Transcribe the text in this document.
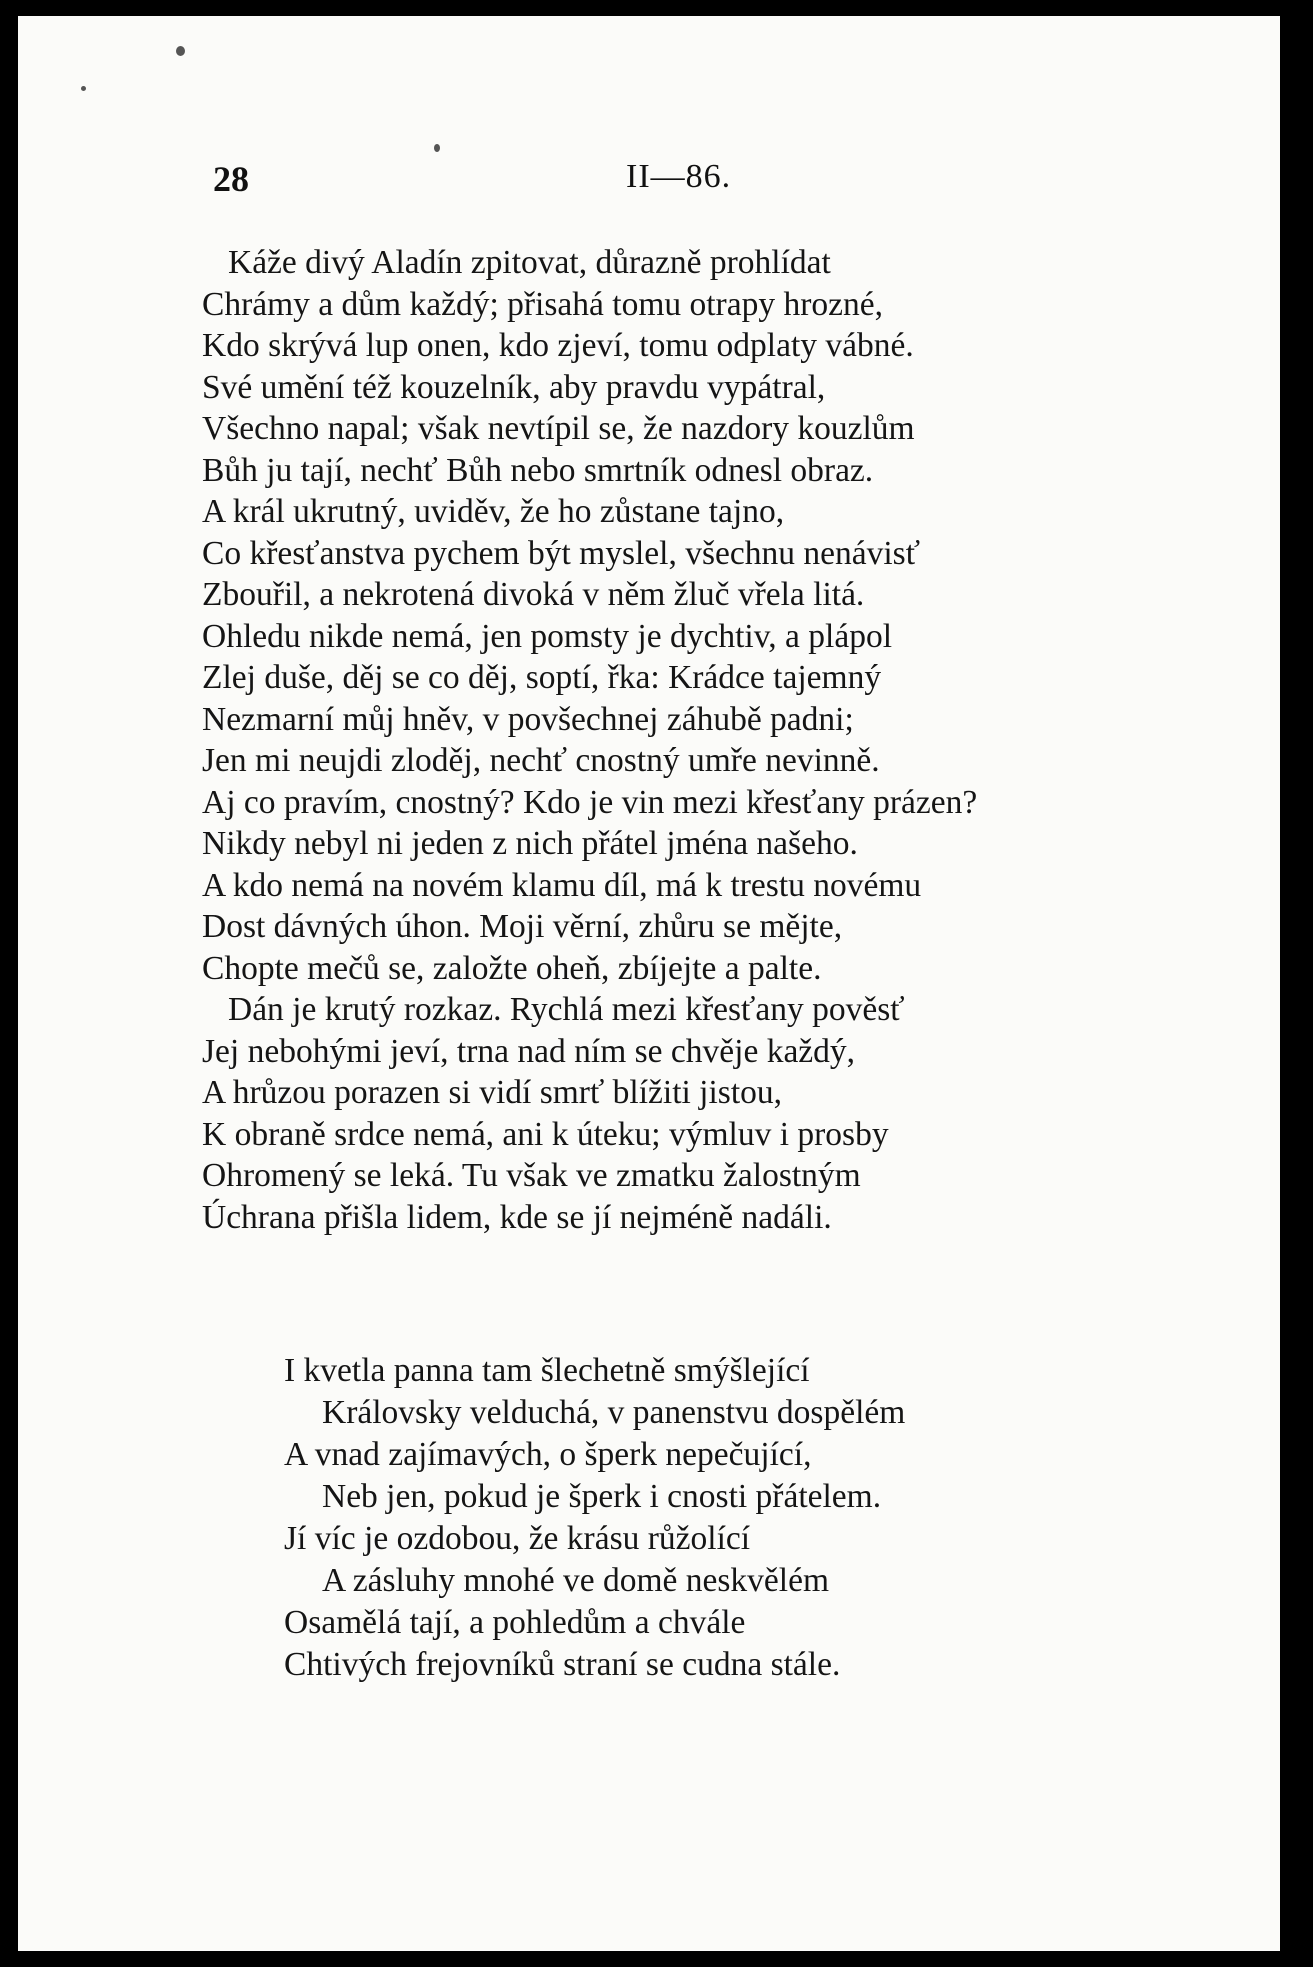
28	II—86.
Káže divý Aladín zpitovat, důrazně prohlídat
Chrámy a dům každý; přisahá tomu otrapy hrozné,
Kdo skrývá lup onen, kdo zjeví, tomu odplaty vábné.
Své umění též kouzelník, aby pravdu vypátral,
Všechno napal; však nevtípil se, že nazdory kouzlům
Bůh ju tají, nechť Bůh nebo smrtník odnesl obraz.
A král ukrutný, uviděv, že ho zůstane tajno,
Co křesťanstva pychem být myslel, všechnu nenávisť
Zbouřil, a nekrotená divoká v něm žluč vřela litá.
Ohledu nikde nemá, jen pomsty je dychtiv, a plápol
Zlej duše, děj se co děj, soptí, řka: Krádce tajemný
Nezmarní můj hněv, v povšechnej záhubě padni;
Jen mi neujdi zloděj, nechť cnostný umře nevinně.
Aj co pravím, cnostný? Kdo je vin mezi křesťany prázen?
Nikdy nebyl ni jeden z nich přátel jména našeho.
A kdo nemá na novém klamu díl, má k trestu novému
Dost dávných úhon. Moji věrní, zhůru se mějte,
Chopte mečů se, založte oheň, zbíjejte a palte.
Dán je krutý rozkaz. Rychlá mezi křesťany pověsť
Jej nebohými jeví, trna nad ním se chvěje každý,
A hrůzou porazen si vidí smrť blížiti jistou,
K obraně srdce nemá, ani k úteku; výmluv i prosby
Ohromený se leká. Tu však ve zmatku žalostným
Úchrana přišla lidem, kde se jí nejméně nadáli.
I kvetla panna tam šlechetně smýšlející
Královsky velduchá, v panenstvu dospělém
A vnad zajímavých, o šperk nepečující,
Neb jen, pokud je šperk i cnosti přátelem.
Jí víc je ozdobou, že krásu růžolící
A zásluhy mnohé ve domě neskvělém
Osamělá tají, a pohledům a chvále
Chtivých frejovníků straní se cudna stále.
